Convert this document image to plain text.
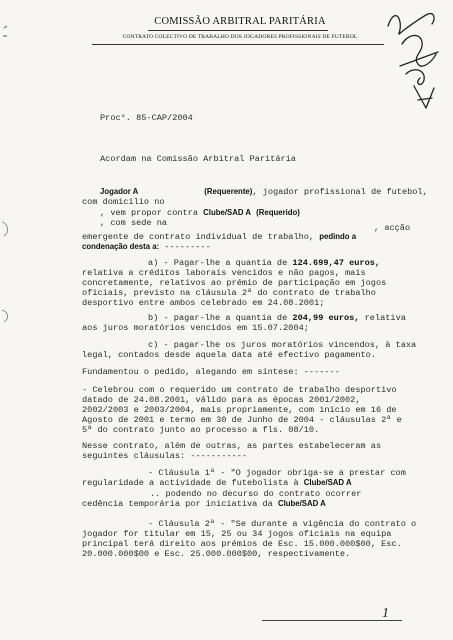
COMISSÃO ARBITRAL PARITÁRIA
CONTRATO COLECTIVO DE TRABALHO DOS JOGADORES PROFISSIONAIS DE FUTEBOL
Proc°. 85-CAP/2004
Acordam na Comissão Arbitral Paritária
Jogador A	(Requerente), jogador profissional de futebol,
com domicílio no
, vem propor contra Clube/SAD A (Requerido)
, com sede na	, acção
emergente de contrato individual de trabalho, pedindo a
condenação desta a: ---------
a) - Pagar-lhe a quantia de 124.699,47 euros,
relativa a créditos laborais vencidos e não pagos, mais
concretamente, relativos ao prémio de participação em jogos
oficiais, previsto na cláusula 2ª do contrato de trabalho
desportivo entre ambos celebrado em 24.08.2001;
b) - pagar-lhe a quantia de 204,99 euros, relativa
aos juros moratórios vencidos em 15.07.2004;
c) - pagar-lhe os juros moratórios vincendos, à taxa
legal, contados desde aquela data até efectivo pagamento.
Fundamentou o pedido, alegando em síntese: -------
- Celebrou com o requerido um contrato de trabalho desportivo
datado de 24.08.2001, válido para as épocas 2001/2002,
2002/2003 e 2003/2004, mais propriamente, com início em 16 de
Agosto de 2001 e termo em 30 de Junho de 2004 - cláusulas 2ª e
5ª do contrato junto ao processo a fls. 08/10.
Nesse contrato, além de outras, as partes estabeleceram as
seguintes cláusulas: -----------
- Cláusula 1ª - "O jogador obriga-se a prestar com
regularidade a actividade de futebolista à Clube/SAD A
.. podendo no decurso do contrato ocorrer
cedência temporária por iniciativa da Clube/SAD A
- Cláusula 2ª - "Se durante a vigência do contrato o
jogador for titular em 15, 25 ou 34 jogos oficiais na equipa
principal terá direito aos prémios de Esc. 15.000.000$00, Esc.
20.000.000$00 e Esc. 25.000.000$00, respectivamente.
1
